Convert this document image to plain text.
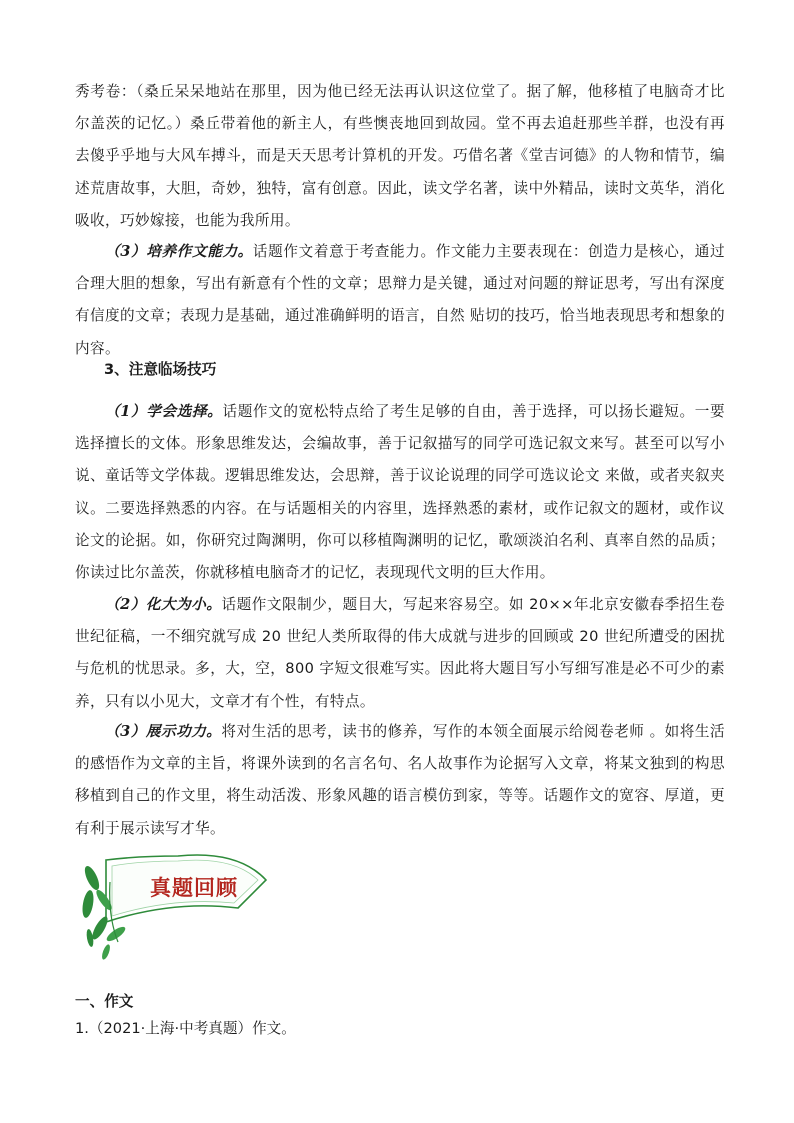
秀考卷：（桑丘呆呆地站在那里，因为他已经无法再认识这位堂了。据了解，他移植了电脑奇才比尔盖茨的记忆。）桑丘带着他的新主人，有些懊丧地回到故园。堂不再去追赶那些羊群，也没有再去傻乎乎地与大风车搏斗，而是天天思考计算机的开发。巧借名著《堂吉诃德》的人物和情节，编述荒唐故事，大胆，奇妙，独特，富有创意。因此，读文学名著，读中外精品，读时文英华，消化吸收，巧妙嫁接，也能为我所用。

（3）培养作文能力。话题作文着意于考查能力。作文能力主要表现在：创造力是核心，通过合理大胆的想象，写出有新意有个性的文章；思辩力是关键，通过对问题的辩证思考，写出有深度有信度的文章；表现力是基础，通过准确鲜明的语言，自然 贴切的技巧，恰当地表现思考和想象的内容。

3、注意临场技巧

（1）学会选择。话题作文的宽松特点给了考生足够的自由，善于选择，可以扬长避短。一要选择擅长的文体。形象思维发达，会编故事，善于记叙描写的同学可选记叙文来写。甚至可以写小说、童话等文学体裁。逻辑思维发达，会思辩，善于议论说理的同学可选议论文 来做，或者夹叙夹议。二要选择熟悉的内容。在与话题相关的内容里，选择熟悉的素材，或作记叙文的题材，或作议论文的论据。如，你研究过陶渊明，你可以移植陶渊明的记忆，歌颂淡泊名利、真率自然的品质；你读过比尔盖茨，你就移植电脑奇才的记忆，表现现代文明的巨大作用。

（2）化大为小。话题作文限制少，题目大，写起来容易空。如 20××年北京安徽春季招生卷世纪征稿，一不细究就写成 20 世纪人类所取得的伟大成就与进步的回顾或 20 世纪所遭受的困扰与危机的忧思录。多，大，空，800 字短文很难写实。因此将大题目写小写细写准是必不可少的素养，只有以小见大，文章才有个性，有特点。

（3）展示功力。将对生活的思考，读书的修养，写作的本领全面展示给阅卷老师 。如将生活的感悟作为文章的主旨，将课外读到的名言名句、名人故事作为论据写入文章，将某文独到的构思移植到自己的作文里，将生动活泼、形象风趣的语言模仿到家，等等。话题作文的宽容、厚道，更有利于展示读写才华。

真题回顾

一、作文

1.（2021·上海·中考真题）作文。
